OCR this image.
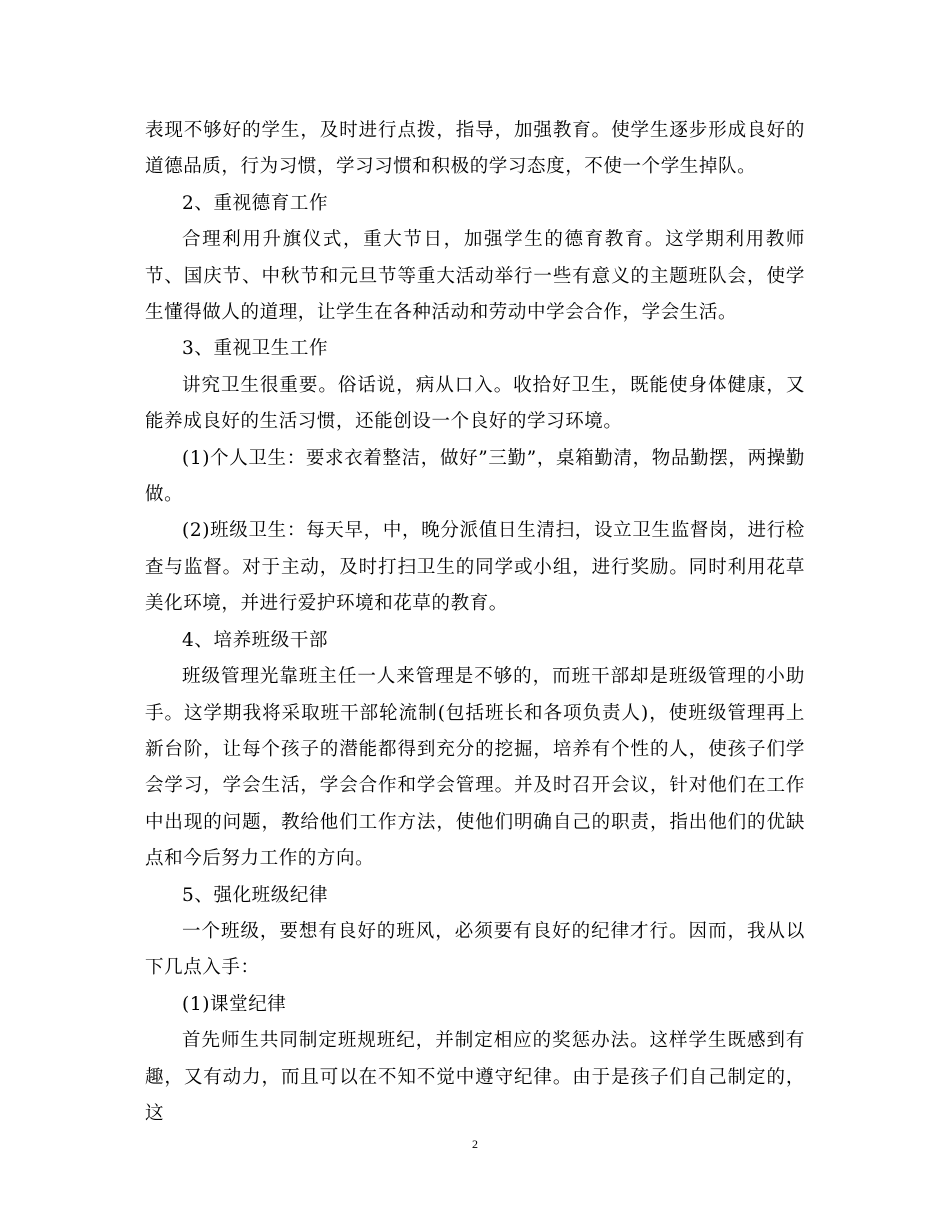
表现不够好的学生，及时进行点拨，指导，加强教育。使学生逐步形成良好的道德品质，行为习惯，学习习惯和积极的学习态度，不使一个学生掉队。

2、重视德育工作

合理利用升旗仪式，重大节日，加强学生的德育教育。这学期利用教师节、国庆节、中秋节和元旦节等重大活动举行一些有意义的主题班队会，使学生懂得做人的道理，让学生在各种活动和劳动中学会合作，学会生活。

3、重视卫生工作

讲究卫生很重要。俗话说，病从口入。收拾好卫生，既能使身体健康，又能养成良好的生活习惯，还能创设一个良好的学习环境。

(1)个人卫生：要求衣着整洁，做好”三勤”，桌箱勤清，物品勤摆，两操勤做。

(2)班级卫生：每天早，中，晚分派值日生清扫，设立卫生监督岗，进行检查与监督。对于主动，及时打扫卫生的同学或小组，进行奖励。同时利用花草美化环境，并进行爱护环境和花草的教育。

4、培养班级干部

班级管理光靠班主任一人来管理是不够的，而班干部却是班级管理的小助手。这学期我将采取班干部轮流制(包括班长和各项负责人)，使班级管理再上新台阶，让每个孩子的潜能都得到充分的挖掘，培养有个性的人，使孩子们学会学习，学会生活，学会合作和学会管理。并及时召开会议，针对他们在工作中出现的问题，教给他们工作方法，使他们明确自己的职责，指出他们的优缺点和今后努力工作的方向。

5、强化班级纪律

一个班级，要想有良好的班风，必须要有良好的纪律才行。因而，我从以下几点入手：

(1)课堂纪律

首先师生共同制定班规班纪，并制定相应的奖惩办法。这样学生既感到有趣，又有动力，而且可以在不知不觉中遵守纪律。由于是孩子们自己制定的，这

2
